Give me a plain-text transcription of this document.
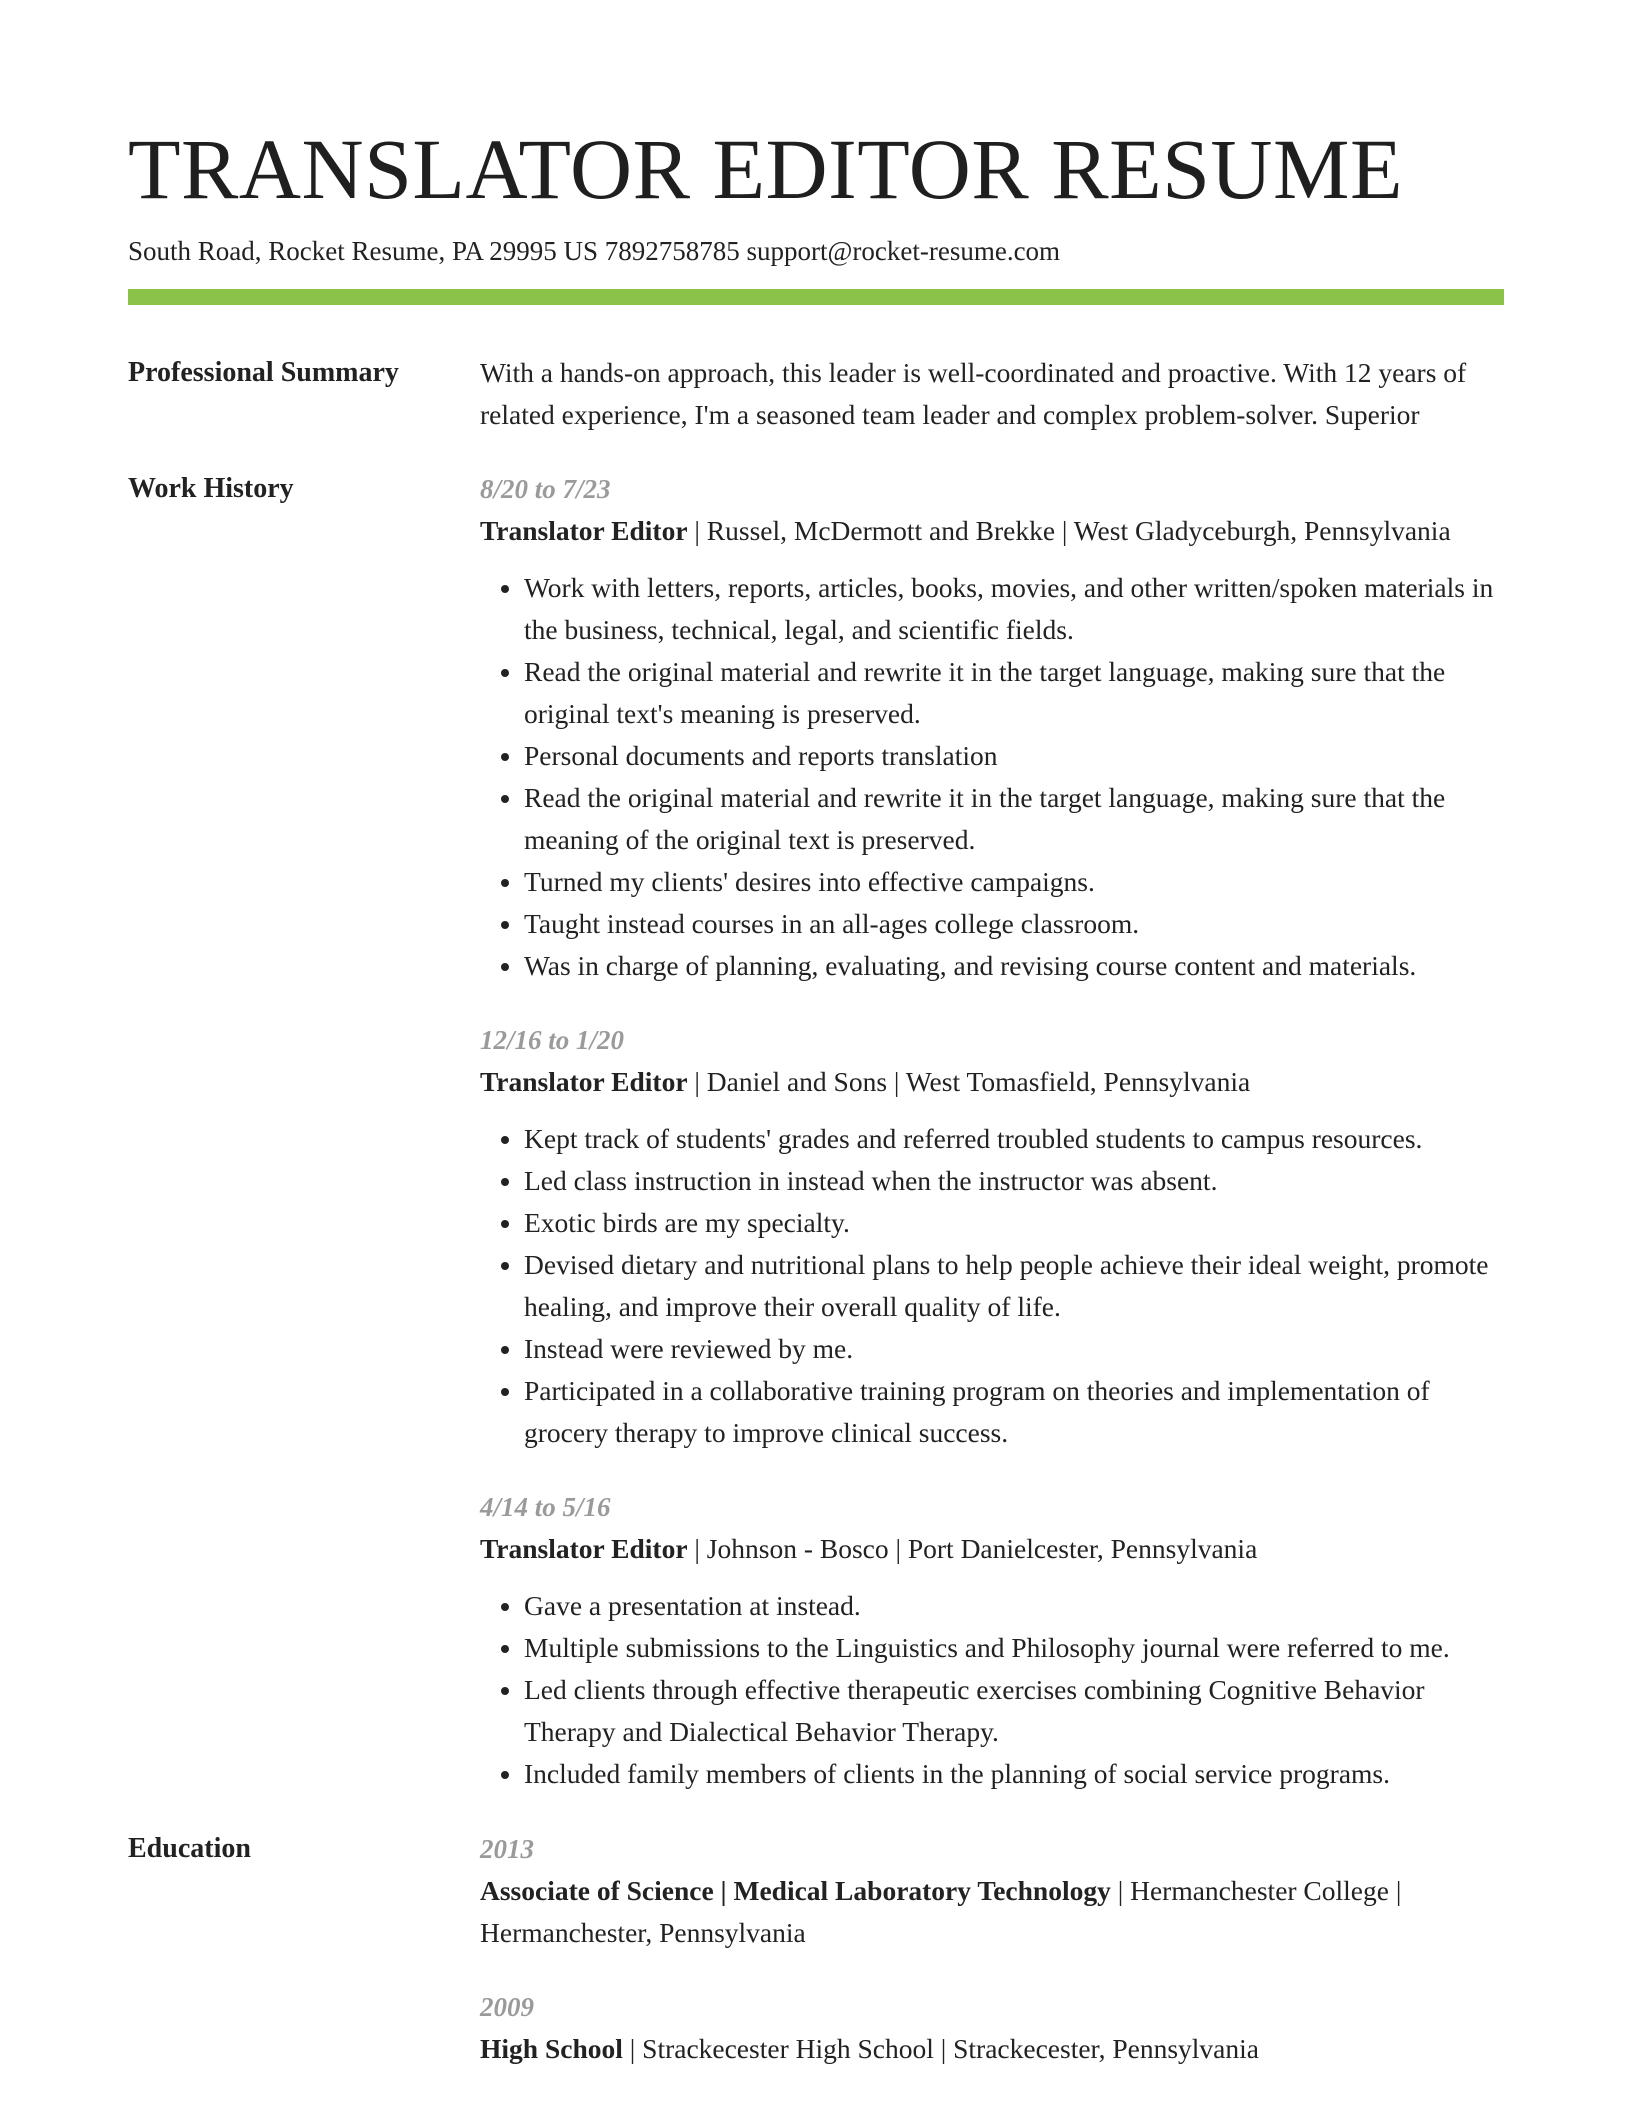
TRANSLATOR EDITOR RESUME
South Road, Rocket Resume, PA 29995 US 7892758785 support@rocket-resume.com
Professional Summary	With a hands-on approach, this leader is well-coordinated and proactive. With 12 years of related experience, I'm a seasoned team leader and complex problem-solver. Superior
Work History	8/20 to 7/23
Translator Editor | Russel, McDermott and Brekke | West Gladyceburgh, Pennsylvania
• Work with letters, reports, articles, books, movies, and other written/spoken materials in the business, technical, legal, and scientific fields.
• Read the original material and rewrite it in the target language, making sure that the original text's meaning is preserved.
• Personal documents and reports translation
• Read the original material and rewrite it in the target language, making sure that the meaning of the original text is preserved.
• Turned my clients' desires into effective campaigns.
• Taught instead courses in an all-ages college classroom.
• Was in charge of planning, evaluating, and revising course content and materials.
12/16 to 1/20
Translator Editor | Daniel and Sons | West Tomasfield, Pennsylvania
• Kept track of students' grades and referred troubled students to campus resources.
• Led class instruction in instead when the instructor was absent.
• Exotic birds are my specialty.
• Devised dietary and nutritional plans to help people achieve their ideal weight, promote healing, and improve their overall quality of life.
• Instead were reviewed by me.
• Participated in a collaborative training program on theories and implementation of grocery therapy to improve clinical success.
4/14 to 5/16
Translator Editor | Johnson - Bosco | Port Danielcester, Pennsylvania
• Gave a presentation at instead.
• Multiple submissions to the Linguistics and Philosophy journal were referred to me.
• Led clients through effective therapeutic exercises combining Cognitive Behavior Therapy and Dialectical Behavior Therapy.
• Included family members of clients in the planning of social service programs.
Education	2013
Associate of Science | Medical Laboratory Technology | Hermanchester College | Hermanchester, Pennsylvania
2009
High School | Strackecester High School | Strackecester, Pennsylvania
